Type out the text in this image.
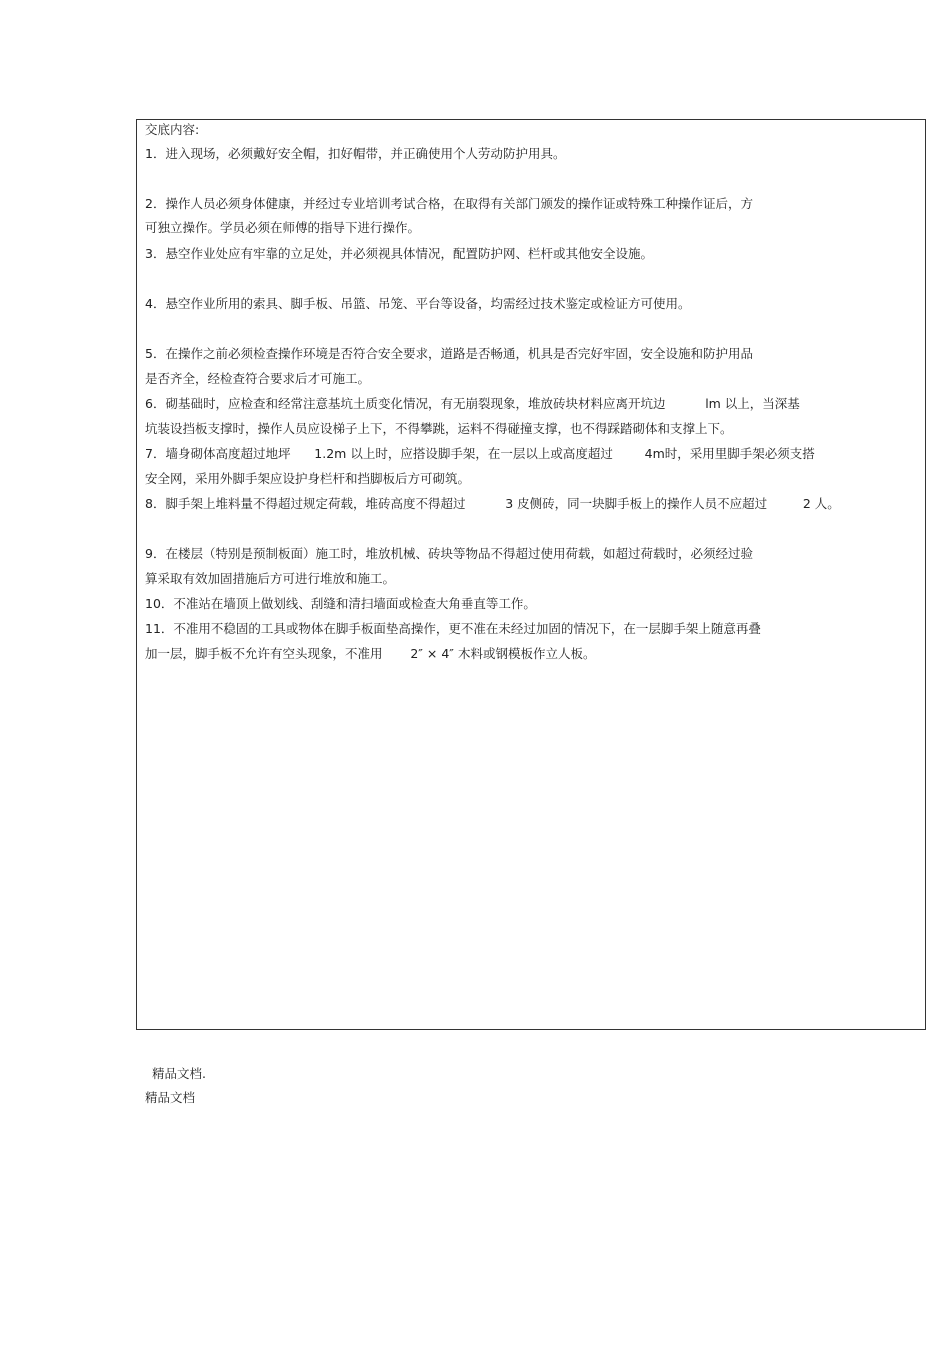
交底内容:
1．进入现场，必须戴好安全帽，扣好帽带，并正确使用个人劳动防护用具。
2．操作人员必须身体健康，并经过专业培训考试合格，在取得有关部门颁发的操作证或特殊工种操作证后，方
可独立操作。学员必须在师傅的指导下进行操作。
3．悬空作业处应有牢靠的立足处，并必须视具体情况，配置防护网、栏杆或其他安全设施。
4．悬空作业所用的索具、脚手板、吊篮、吊笼、平台等设备，均需经过技术鉴定或检证方可使用。
5．在操作之前必须检查操作环境是否符合安全要求，道路是否畅通，机具是否完好牢固，安全设施和防护用品
是否齐全，经检查符合要求后才可施工。
6．砌基础时，应检查和经常注意基坑土质变化情况，有无崩裂现象，堆放砖块材料应离开坑边          lm 以上，当深基
坑装设挡板支撑时，操作人员应设梯子上下，不得攀跳，运料不得碰撞支撑，也不得踩踏砌体和支撑上下。
7．墙身砌体高度超过地坪      1.2m 以上时，应搭设脚手架，在一层以上或高度超过        4m时，采用里脚手架必须支搭
安全网，采用外脚手架应设护身栏杆和挡脚板后方可砌筑。
8．脚手架上堆料量不得超过规定荷载，堆砖高度不得超过          3 皮侧砖，同一块脚手板上的操作人员不应超过         2 人。
9．在楼层（特别是预制板面）施工时，堆放机械、砖块等物品不得超过使用荷载，如超过荷载时，必须经过验
算采取有效加固措施后方可进行堆放和施工。
10．不准站在墙顶上做划线、刮缝和清扫墙面或检查大角垂直等工作。
11．不准用不稳固的工具或物体在脚手板面垫高操作，更不准在未经过加固的情况下，在一层脚手架上随意再叠
加一层，脚手板不允许有空头现象，不准用       2″ × 4″ 木料或钢模板作立人板。
精品文档.
精品文档
